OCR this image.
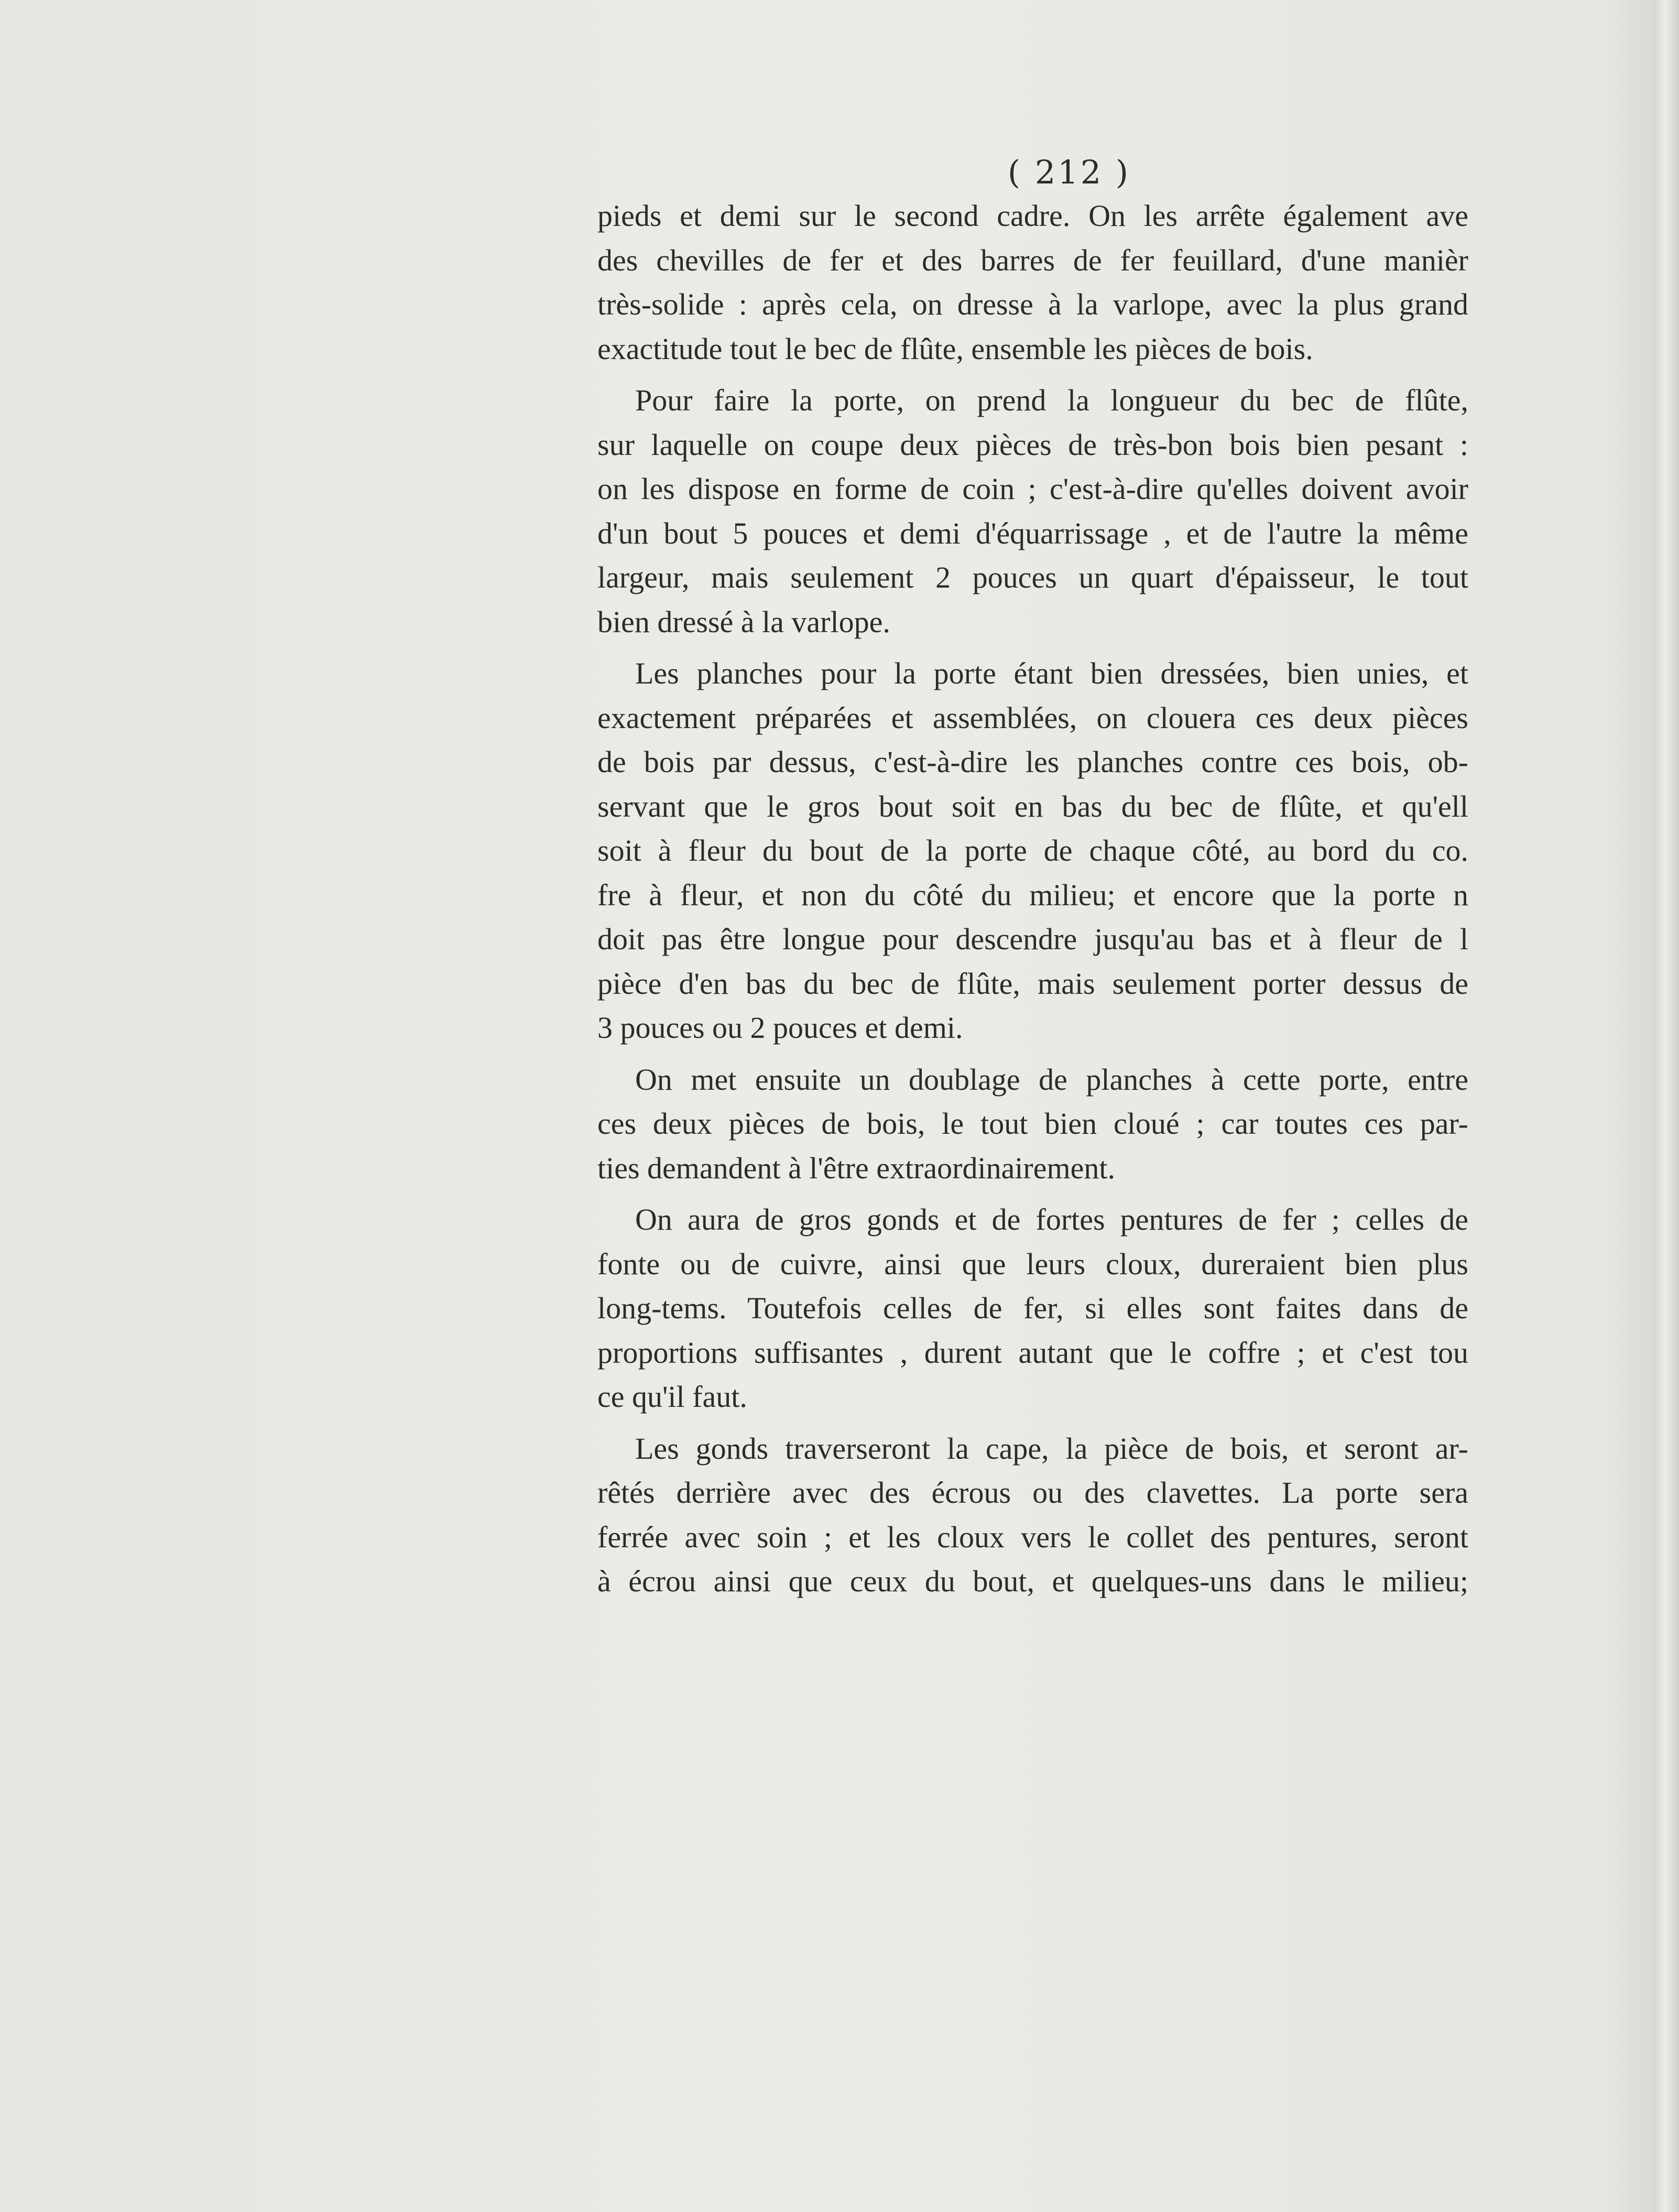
( 212 )
pieds et demi sur le second cadre. On les arrête également ave
des chevilles de fer et des barres de fer feuillard, d'une manièr
très-solide : après cela, on dresse à la varlope, avec la plus grand
exactitude tout le bec de flûte, ensemble les pièces de bois.
Pour faire la porte, on prend la longueur du bec de flûte,
sur laquelle on coupe deux pièces de très-bon bois bien pesant :
on les dispose en forme de coin ; c'est-à-dire qu'elles doivent avoir
d'un bout 5 pouces et demi d'équarrissage , et de l'autre la même
largeur, mais seulement 2 pouces un quart d'épaisseur, le tout
bien dressé à la varlope.
Les planches pour la porte étant bien dressées, bien unies, et
exactement préparées et assemblées, on clouera ces deux pièces
de bois par dessus, c'est-à-dire les planches contre ces bois, ob-
servant que le gros bout soit en bas du bec de flûte, et qu'ell
soit à fleur du bout de la porte de chaque côté, au bord du co.
fre à fleur, et non du côté du milieu; et encore que la porte n
doit pas être longue pour descendre jusqu'au bas et à fleur de l
pièce d'en bas du bec de flûte, mais seulement porter dessus de
3 pouces ou 2 pouces et demi.
On met ensuite un doublage de planches à cette porte, entre
ces deux pièces de bois, le tout bien cloué ; car toutes ces par-
ties demandent à l'être extraordinairement.
On aura de gros gonds et de fortes pentures de fer ; celles de
fonte ou de cuivre, ainsi que leurs cloux, dureraient bien plus
long-tems. Toutefois celles de fer, si elles sont faites dans de
proportions suffisantes , durent autant que le coffre ; et c'est tou
ce qu'il faut.
Les gonds traverseront la cape, la pièce de bois, et seront ar-
rêtés derrière avec des écrous ou des clavettes. La porte sera
ferrée avec soin ; et les cloux vers le collet des pentures, seront
à écrou ainsi que ceux du bout, et quelques-uns dans le milieu;
